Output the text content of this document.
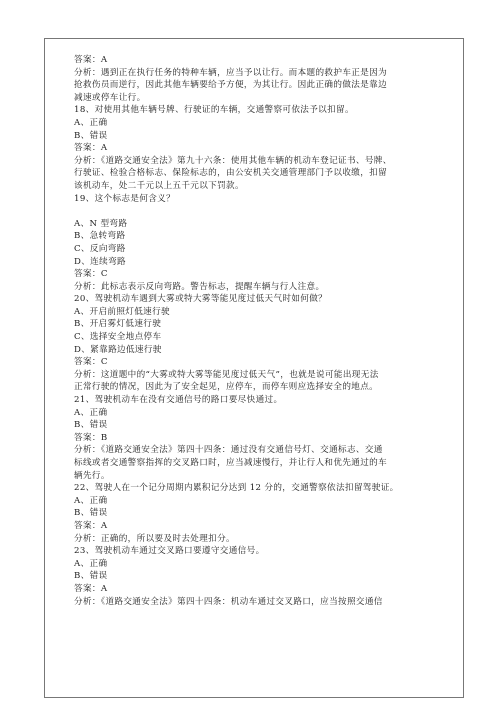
答案：A
分析：遇到正在执行任务的特种车辆，应当予以让行。而本题的救护车正是因为
抢救伤员而逆行，因此其他车辆要给予方便，为其让行。因此正确的做法是靠边
减速或停车让行。
18、对使用其他车辆号牌、行驶证的车辆，交通警察可依法予以扣留。
A、正确
B、错误
答案：A
分析：《道路交通安全法》第九十六条：使用其他车辆的机动车登记证书、号牌、
行驶证、检验合格标志、保险标志的，由公安机关交通管理部门予以收缴，扣留
该机动车，处二千元以上五千元以下罚款。
19、这个标志是何含义？
A、N 型弯路
B、急转弯路
C、反向弯路
D、连续弯路
答案：C
分析：此标志表示反向弯路。警告标志，提醒车辆与行人注意。
20、驾驶机动车遇到大雾或特大雾等能见度过低天气时如何做？
A、开启前照灯低速行驶
B、开启雾灯低速行驶
C、选择安全地点停车
D、紧靠路边低速行驶
答案：C
分析：这道题中的“大雾或特大雾等能见度过低天气”，也就是说可能出现无法
正常行驶的情况，因此为了安全起见，应停车，而停车则应选择安全的地点。
21、驾驶机动车在没有交通信号的路口要尽快通过。
A、正确
B、错误
答案：B
分析：《道路交通安全法》第四十四条：通过没有交通信号灯、交通标志、交通
标线或者交通警察指挥的交叉路口时，应当减速慢行，并让行人和优先通过的车
辆先行。
22、驾驶人在一个记分周期内累积记分达到 12 分的，交通警察依法扣留驾驶证。
A、正确
B、错误
答案：A
分析：正确的，所以要及时去处理扣分。
23、驾驶机动车通过交叉路口要遵守交通信号。
A、正确
B、错误
答案：A
分析：《道路交通安全法》第四十四条：机动车通过交叉路口，应当按照交通信
